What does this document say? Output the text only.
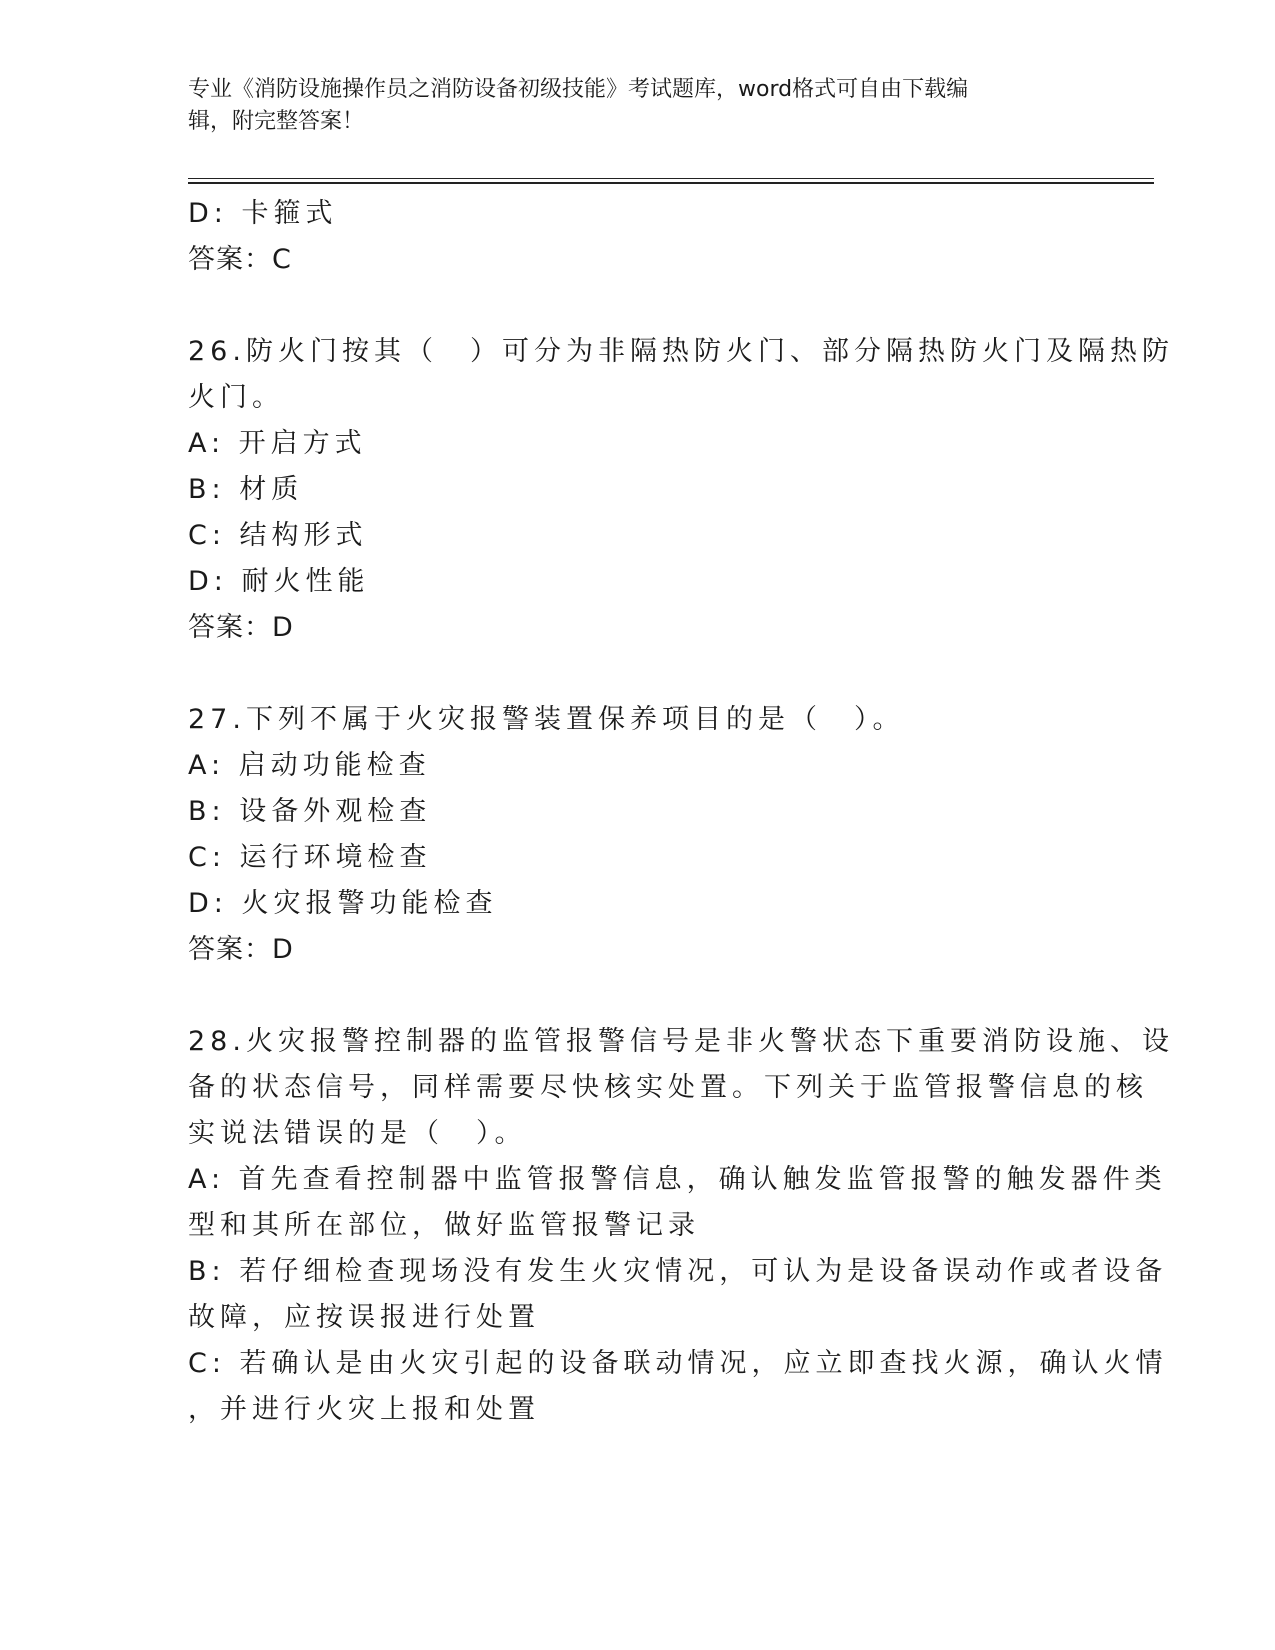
专业《消防设施操作员之消防设备初级技能》考试题库，word格式可自由下载编
辑，附完整答案！
D: 卡箍式
答案：C
26.防火门按其（　）可分为非隔热防火门、部分隔热防火门及隔热防
火门。
A: 开启方式
B: 材质
C: 结构形式
D: 耐火性能
答案：D
27.下列不属于火灾报警装置保养项目的是（　）。
A: 启动功能检查
B: 设备外观检查
C: 运行环境检查
D: 火灾报警功能检查
答案：D
28.火灾报警控制器的监管报警信号是非火警状态下重要消防设施、设
备的状态信号，同样需要尽快核实处置。下列关于监管报警信息的核
实说法错误的是（　）。
A: 首先查看控制器中监管报警信息，确认触发监管报警的触发器件类
型和其所在部位，做好监管报警记录
B: 若仔细检查现场没有发生火灾情况，可认为是设备误动作或者设备
故障，应按误报进行处置
C: 若确认是由火灾引起的设备联动情况，应立即查找火源，确认火情
，并进行火灾上报和处置
